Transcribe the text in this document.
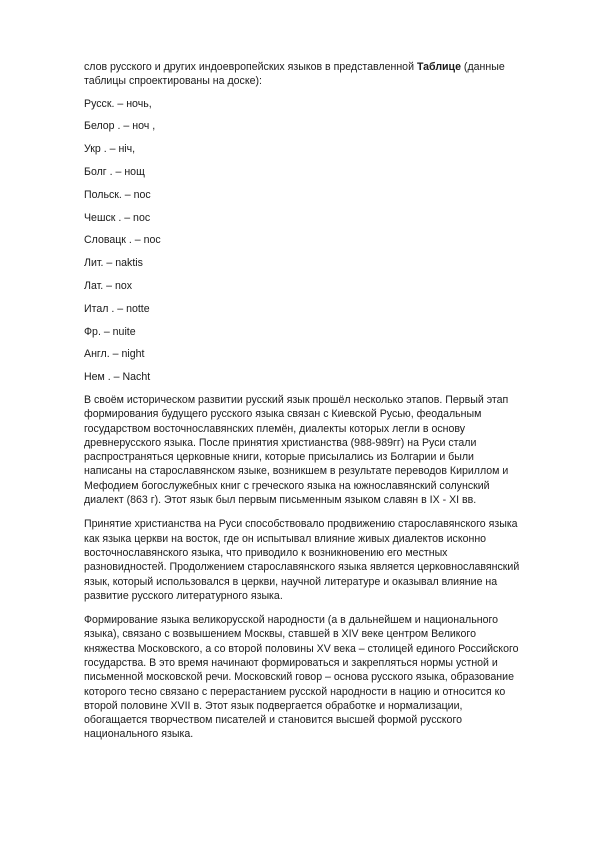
слов русского и других индоевропейских языков в представленной Таблице (данные таблицы спроектированы на доске):

Русск. – ночь,
Белор . – ноч ,
Укр . – ніч,
Болг . – нощ
Польск. – noc
Чешск . – noc
Словацк . – noc
Лит. – naktis
Лат. – nox
Итал . – notte
Фр. – nuite
Англ. – night
Нем . – Nacht

В своём историческом развитии русский язык прошёл несколько этапов. Первый этап формирования будущего русского языка связан с Киевской Русью, феодальным государством восточнославянских племён, диалекты которых легли в основу древнерусского языка. После принятия христианства (988-989гг) на Руси стали распространяться церковные книги, которые присылались из Болгарии и были написаны на старославянском языке, возникшем в результате переводов Кириллом и Мефодием богослужебных книг с греческого языка на южнославянский солунский диалект (863 г). Этот язык был первым письменным языком славян в IX - XI вв.

Принятие христианства на Руси способствовало продвижению старославянского языка как языка церкви на восток, где он испытывал влияние живых диалектов исконно восточнославянского языка, что приводило к возникновению его местных разновидностей. Продолжением старославянского языка является церковнославянский язык, который использовался в церкви, научной литературе и оказывал влияние на развитие русского литературного языка.

Формирование языка великорусской народности (а в дальнейшем и национального языка), связано с возвышением Москвы, ставшей в XIV веке центром Великого княжества Московского, а со второй половины XV века – столицей единого Российского государства. В это время начинают формироваться и закрепляться нормы устной и письменной московской речи. Московский говор – основа русского языка, образование которого тесно связано с перерастанием русской народности в нацию и относится ко второй половине XVII в. Этот язык подвергается обработке и нормализации, обогащается творчеством писателей и становится высшей формой русского национального языка.
